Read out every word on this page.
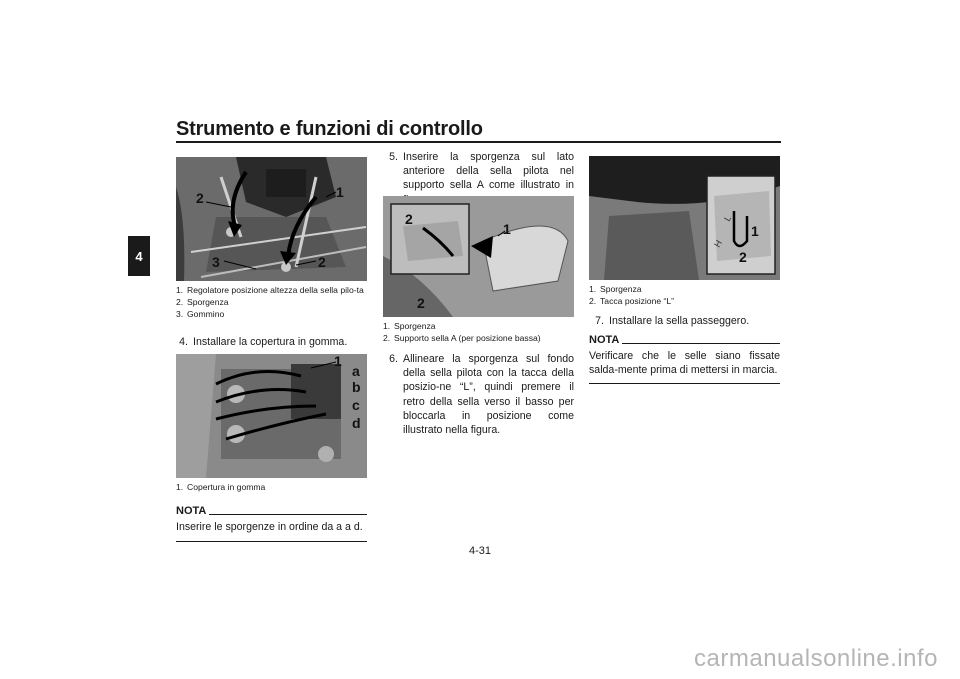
Strumento e funzioni di controllo
4
1
2
2
3
1. Regolatore posizione altezza della sella pilo-ta
2. Sporgenza
3. Gommino
4. Installare la copertura in gomma.
1
a
b
c
d
1. Copertura in gomma
NOTA
Inserire le sporgenze in ordine da a a d.
5. Inserire la sporgenza sul lato anteriore della sella pilota nel supporto sella A come illustrato in
2
1
2
1. Sporgenza
2. Supporto sella A (per posizione bassa)
6. Allineare la sporgenza sul fondo della sella pilota con la tacca della posizio-ne “L”, quindi premere il retro della sella verso il basso per bloccarla in posizione come illustrato nella figura.
1
2
H
L
1. Sporgenza
2. Tacca posizione “L”
7. Installare la sella passeggero.
NOTA
Verificare che le selle siano fissate salda-mente prima di mettersi in marcia.
4-31
carmanualsonline.info
